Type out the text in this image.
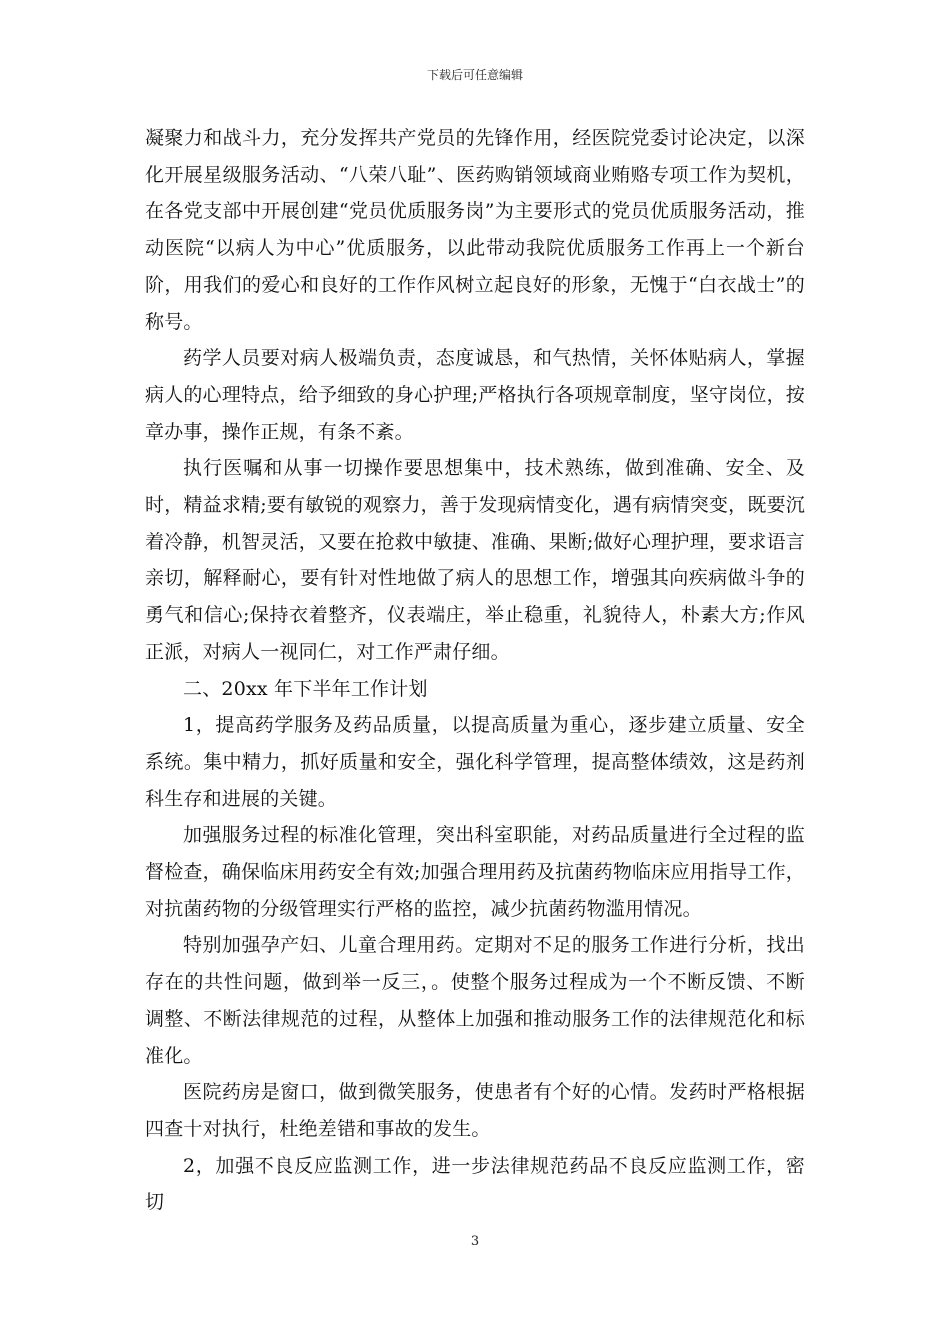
下载后可任意编辑

凝聚力和战斗力，充分发挥共产党员的先锋作用，经医院党委讨论决定，以深化开展星级服务活动、“八荣八耻”、医药购销领域商业贿赂专项工作为契机，在各党支部中开展创建“党员优质服务岗”为主要形式的党员优质服务活动，推动医院“以病人为中心”优质服务，以此带动我院优质服务工作再上一个新台阶，用我们的爱心和良好的工作作风树立起良好的形象，无愧于“白衣战士”的称号。

药学人员要对病人极端负责，态度诚恳，和气热情，关怀体贴病人，掌握病人的心理特点，给予细致的身心护理;严格执行各项规章制度，坚守岗位，按章办事，操作正规，有条不紊。

执行医嘱和从事一切操作要思想集中，技术熟练，做到准确、安全、及时，精益求精;要有敏锐的观察力，善于发现病情变化，遇有病情突变，既要沉着冷静，机智灵活，又要在抢救中敏捷、准确、果断;做好心理护理，要求语言亲切，解释耐心，要有针对性地做了病人的思想工作，增强其向疾病做斗争的勇气和信心;保持衣着整齐，仪表端庄，举止稳重，礼貌待人，朴素大方;作风正派，对病人一视同仁，对工作严肃仔细。

二、20xx 年下半年工作计划

1，提高药学服务及药品质量，以提高质量为重心，逐步建立质量、安全系统。集中精力，抓好质量和安全，强化科学管理，提高整体绩效，这是药剂科生存和进展的关键。

加强服务过程的标准化管理，突出科室职能，对药品质量进行全过程的监督检查，确保临床用药安全有效;加强合理用药及抗菌药物临床应用指导工作，对抗菌药物的分级管理实行严格的监控，减少抗菌药物滥用情况。

特别加强孕产妇、儿童合理用药。定期对不足的服务工作进行分析，找出存在的共性问题，做到举一反三，。使整个服务过程成为一个不断反馈、不断调整、不断法律规范的过程，从整体上加强和推动服务工作的法律规范化和标准化。

医院药房是窗口，做到微笑服务，使患者有个好的心情。发药时严格根据四查十对执行，杜绝差错和事故的发生。

2，加强不良反应监测工作，进一步法律规范药品不良反应监测工作，密切

3
